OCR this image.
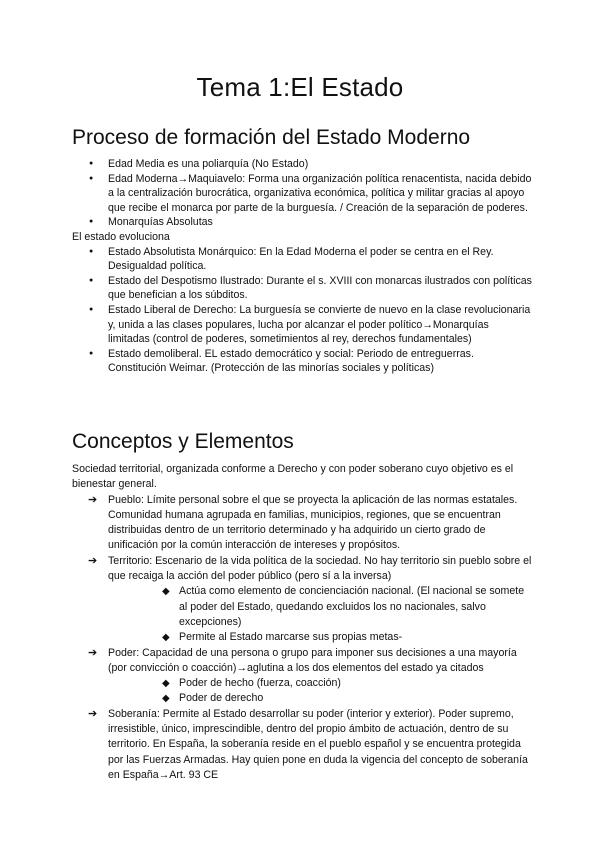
Tema 1:El Estado
Proceso de formación del Estado Moderno
● Edad Media es una poliarquía (No Estado)
● Edad Moderna→Maquiavelo: Forma una organización política renacentista, nacida debido a la centralización burocrática, organizativa económica, política y militar gracias al apoyo que recibe el monarca por parte de la burguesía. / Creación de la separación de poderes.
● Monarquías Absolutas

El estado evoluciona

● Estado Absolutista Monárquico: En la Edad Moderna el poder se centra en el Rey. Desigualdad política.
● Estado del Despotismo Ilustrado: Durante el s. XVIII con monarcas ilustrados con políticas que benefician a los súbditos.
● Estado Liberal de Derecho: La burguesía se convierte de nuevo en la clase revolucionaria y, unida a las clases populares, lucha por alcanzar el poder político→Monarquías limitadas (control de poderes, sometimientos al rey, derechos fundamentales)
● Estado demoliberal. EL estado democrático y social: Periodo de entreguerras. Constitución Weimar. (Protección de las minorías sociales y políticas)
Conceptos y Elementos

Sociedad territorial, organizada conforme a Derecho y con poder soberano cuyo objetivo es el bienestar general.

➔ Pueblo: Límite personal sobre el que se proyecta la aplicación de las normas estatales. Comunidad humana agrupada en familias, municipios, regiones, que se encuentran distribuidas dentro de un territorio determinado y ha adquirido un cierto grado de unificación por la común interacción de intereses y propósitos.
➔ Territorio: Escenario de la vida política de la sociedad. No hay territorio sin pueblo sobre el que recaiga la acción del poder público (pero sí a la inversa)
◆ Actúa como elemento de concienciación nacional. (El nacional se somete al poder del Estado, quedando excluidos los no nacionales, salvo excepciones)
◆ Permite al Estado marcarse sus propias metas-
➔ Poder: Capacidad de una persona o grupo para imponer sus decisiones a una mayoría (por convicción o coacción)→aglutina a los dos elementos del estado ya citados
◆ Poder de hecho (fuerza, coacción)
◆ Poder de derecho
➔ Soberanía: Permite al Estado desarrollar su poder (interior y exterior). Poder supremo, irresistible, único, imprescindible, dentro del propio ámbito de actuación, dentro de su territorio. En España, la soberanía reside en el pueblo español y se encuentra protegida por las Fuerzas Armadas. Hay quien pone en duda la vigencia del concepto de soberanía en España→Art. 93 CE
